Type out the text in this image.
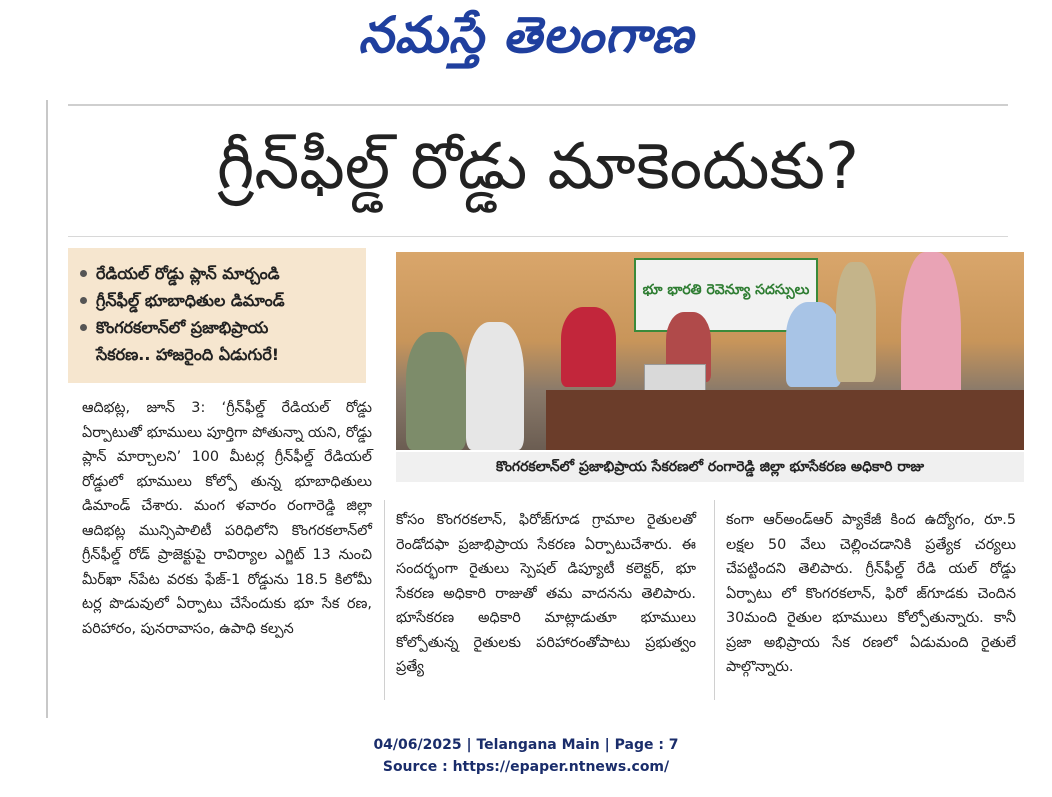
నమస్తే తెలంగాణ
గ్రీన్‌ఫీల్డ్ రోడ్డు మాకెందుకు?
రేడియల్ రోడ్డు ప్లాన్ మార్చండి
గ్రీన్‌ఫీల్డ్ భూబాధితుల డిమాండ్
కొంగరకలాన్‌లో ప్రజాభిప్రాయ
సేకరణ.. హాజరైంది ఏడుగురే!
భూ భారతి రెవెన్యూ సదస్సులు
కొంగరకలాన్‌లో ప్రజాభిప్రాయ సేకరణలో రంగారెడ్డి జిల్లా భూసేకరణ అధికారి రాజు
ఆదిభట్ల, జూన్ 3: ‘గ్రీన్‌ఫీల్డ్ రేడియల్ రోడ్డు ఏర్పాటుతో భూములు పూర్తిగా పోతున్నా యని, రోడ్డు ప్లాన్ మార్చాలని’ 100 మీటర్ల గ్రీన్‌ఫీల్డ్ రేడియల్ రోడ్డులో భూములు కోల్పో తున్న భూబాధితులు డిమాండ్ చేశారు. మంగ ళవారం రంగారెడ్డి జిల్లా ఆదిభట్ల మున్సిపాలిటీ పరిధిలోని కొంగరకలాన్‌లో గ్రీన్‌ఫీల్డ్ రోడ్ ప్రాజెక్టుపై రావిర్యాల ఎగ్జిట్ 13 నుంచి మీర్‌ఖా న్‌పేట వరకు ఫేజ్-1 రోడ్డును 18.5 కిలోమీ టర్ల పొడువులో ఏర్పాటు చేసేందుకు భూ సేక రణ, పరిహారం, పునరావాసం, ఉపాధి కల్పన
కోసం కొంగరకలాన్, ఫిరోజ్‌గూడ గ్రామాల రైతులతో రెండోదఫా ప్రజాభిప్రాయ సేకరణ ఏర్పాటుచేశారు. ఈ సందర్భంగా రైతులు స్పెషల్ డిప్యూటీ కలెక్టర్, భూ సేకరణ అధికారి రాజుతో తమ వాదనను తెలిపారు. భూసేకరణ అధికారి మాట్లాడుతూ భూములు కోల్పోతున్న రైతులకు పరిహారంతోపాటు ప్రభుత్వం ప్రత్యే
కంగా ఆర్‌అండ్‌ఆర్ ప్యాకేజీ కింద ఉద్యోగం, రూ.5 లక్షల 50 వేలు చెల్లించడానికి ప్రత్యేక చర్యలు చేపట్టిందని తెలిపారు. గ్రీన్‌ఫీల్డ్ రేడి యల్ రోడ్డు ఏర్పాటు లో కొంగరకలాన్, ఫిరో జ్‌గూడకు చెందిన 30మంది రైతుల భూములు కోల్పోతున్నారు. కానీ ప్రజా అభిప్రాయ సేక రణలో ఏడుమంది రైతులే పాల్గొన్నారు.
04/06/2025 | Telangana Main | Page : 7
Source : https://epaper.ntnews.com/
